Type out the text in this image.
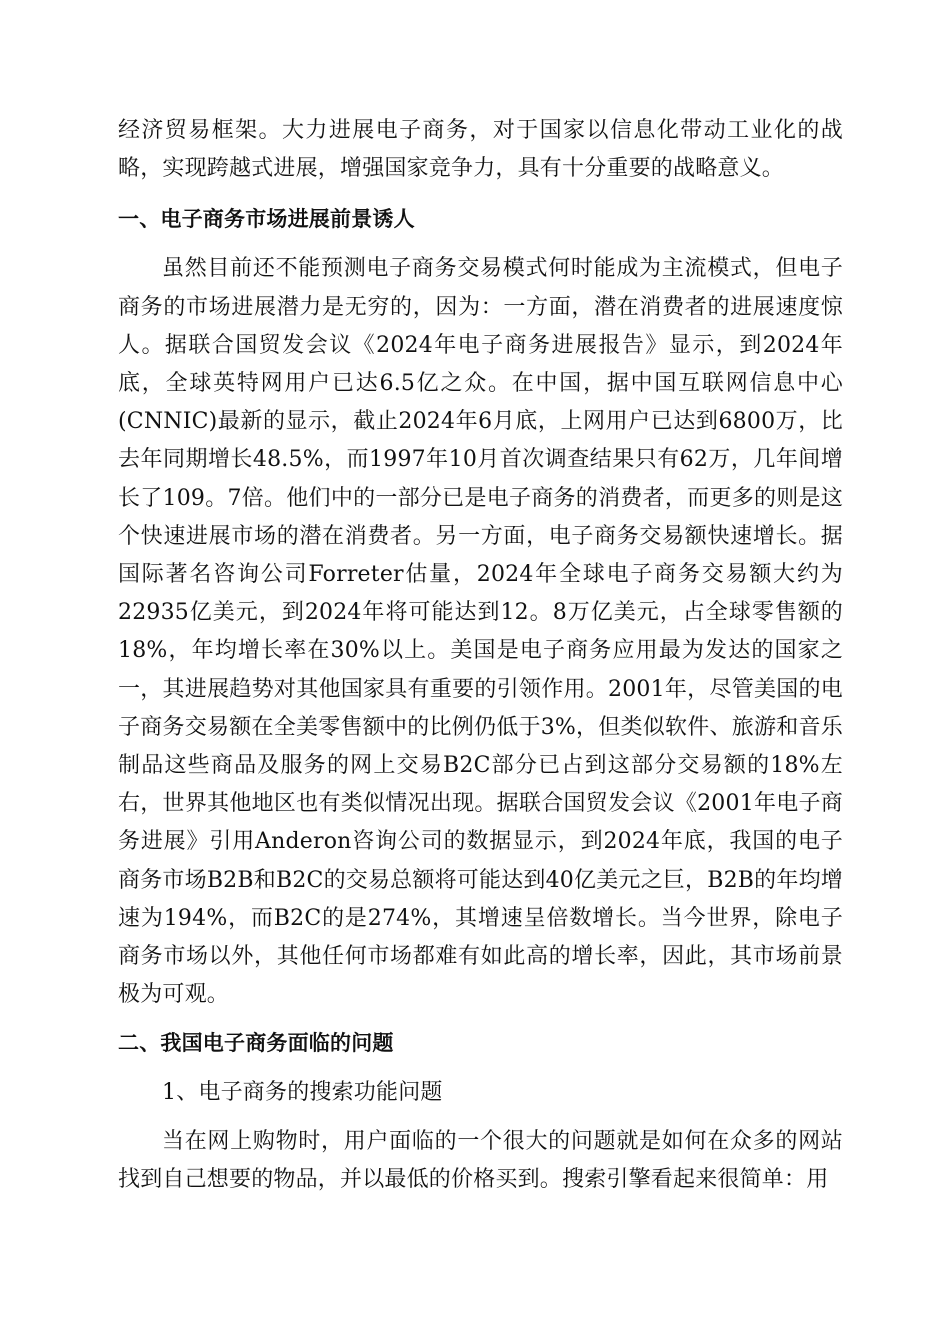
经济贸易框架。大力进展电子商务，对于国家以信息化带动工业化的战略，实现跨越式进展，增强国家竞争力，具有十分重要的战略意义。

一、电子商务市场进展前景诱人

虽然目前还不能预测电子商务交易模式何时能成为主流模式，但电子商务的市场进展潜力是无穷的，因为：一方面，潜在消费者的进展速度惊人。据联合国贸发会议《2024年电子商务进展报告》显示，到2024年底，全球英特网用户已达6.5亿之众。在中国，据中国互联网信息中心(CNNIC)最新的显示，截止2024年6月底，上网用户已达到6800万，比去年同期增长48.5%，而1997年10月首次调查结果只有62万，几年间增长了109。7倍。他们中的一部分已是电子商务的消费者，而更多的则是这个快速进展市场的潜在消费者。另一方面，电子商务交易额快速增长。据国际著名咨询公司Forreter估量，2024年全球电子商务交易额大约为22935亿美元，到2024年将可能达到12。8万亿美元，占全球零售额的18%，年均增长率在30%以上。美国是电子商务应用最为发达的国家之一，其进展趋势对其他国家具有重要的引领作用。2001年，尽管美国的电子商务交易额在全美零售额中的比例仍低于3%，但类似软件、旅游和音乐制品这些商品及服务的网上交易B2C部分已占到这部分交易额的18%左右，世界其他地区也有类似情况出现。据联合国贸发会议《2001年电子商务进展》引用Anderon咨询公司的数据显示，到2024年底，我国的电子商务市场B2B和B2C的交易总额将可能达到40亿美元之巨，B2B的年均增速为194%，而B2C的是274%，其增速呈倍数增长。当今世界，除电子商务市场以外，其他任何市场都难有如此高的增长率，因此，其市场前景极为可观。

二、我国电子商务面临的问题

1、电子商务的搜索功能问题

当在网上购物时，用户面临的一个很大的问题就是如何在众多的网站找到自己想要的物品，并以最低的价格买到。搜索引擎看起来很简单：用
